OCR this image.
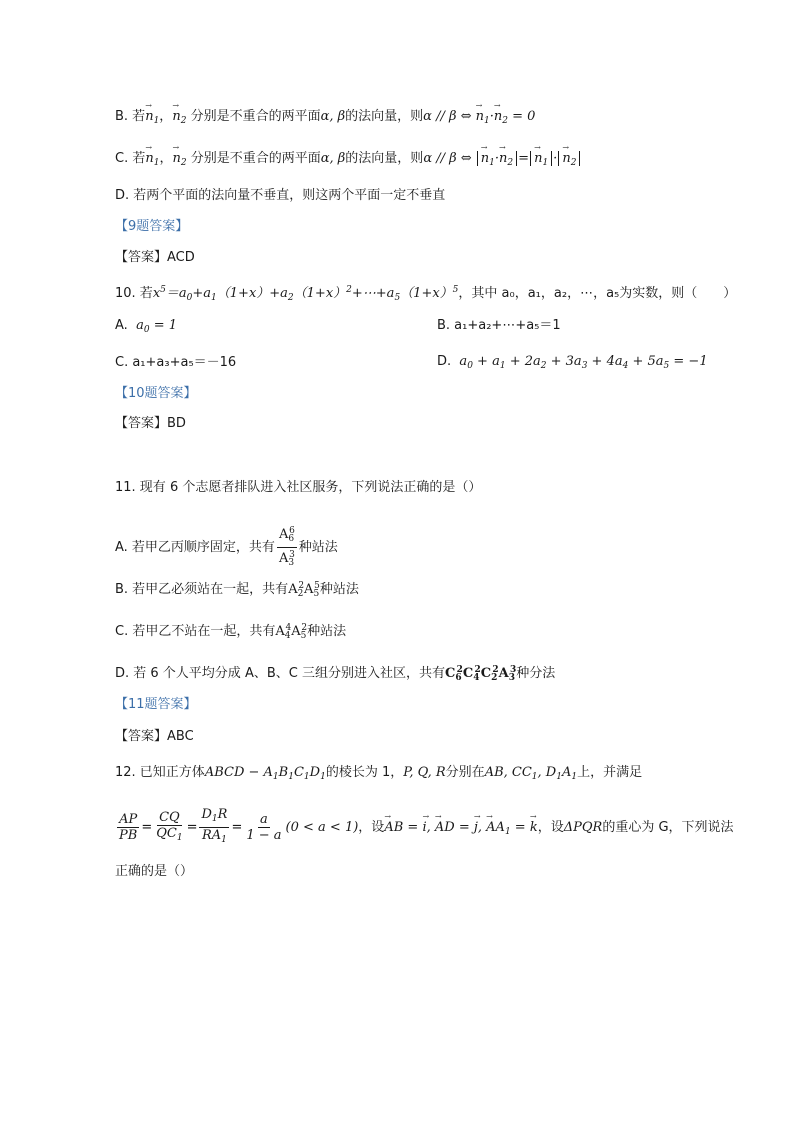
B. 若→ $n_1$，→ $n_2$ 分别是不重合的两平面α, β的法向量，则α // β ⇔ → $n_1\cdot\to n_2 = 0$
C. 若→ $n_1$，→ $n_2$ 分别是不重合的两平面α, β的法向量，则α // β ⇔ → $n_1\cdot\to n_2 =\to n_1 \cdot\to n_2$
D. 若两个平面的法向量不垂直，则这两个平面一定不垂直
【9题答案】
【答案】ACD
10. 若$x^5=a_0+a_1(1+x)+a_2(1+x)^2+\cdots+a_5(1+x)^5$，其中 a₀，a₁，a₂，⋯，a₅为实数，则（　　）
A. $a_0 = 1$	B. a₁+a₂+⋯+a₅＝1
C. a₁+a₃+a₅＝－16	D. $a_0 + a_1 + 2a_2 + 3a_3 + 4a_4 + 5a_5 = -1$
【10题答案】
【答案】BD
11. 现有 6 个志愿者排队进入社区服务，下列说法正确的是（）
A. 若甲乙丙顺序固定，共有 $\frac{A_6^6}{A_3^3}$ 种站法
B. 若甲乙必须站在一起，共有$A_2^2A_5^5$种站法
C. 若甲乙不站在一起，共有$A_4^4A_5^2$种站法
D. 若 6 个人平均分成 A、B、C 三组分别进入社区，共有$C_6^2C_4^2C_2^2A_3^3$种分法
【11题答案】
【答案】ABC
12. 已知正方体ABCD − $A_1B_1C_1D_1$的棱长为 1，P, Q, R分别在AB, $CC_1$, $D_1A_1$上，并满足
$\frac{AP}{PB} = \frac{CQ}{QC_1} = \frac{D_1R}{RA_1} = \frac{a}{1 - a} (0 < a < 1)$，设→ AB = → i, → AD = → j, → $AA_1$ = → k，设ΔPQR的重心为 G，下列说法
正确的是（）
